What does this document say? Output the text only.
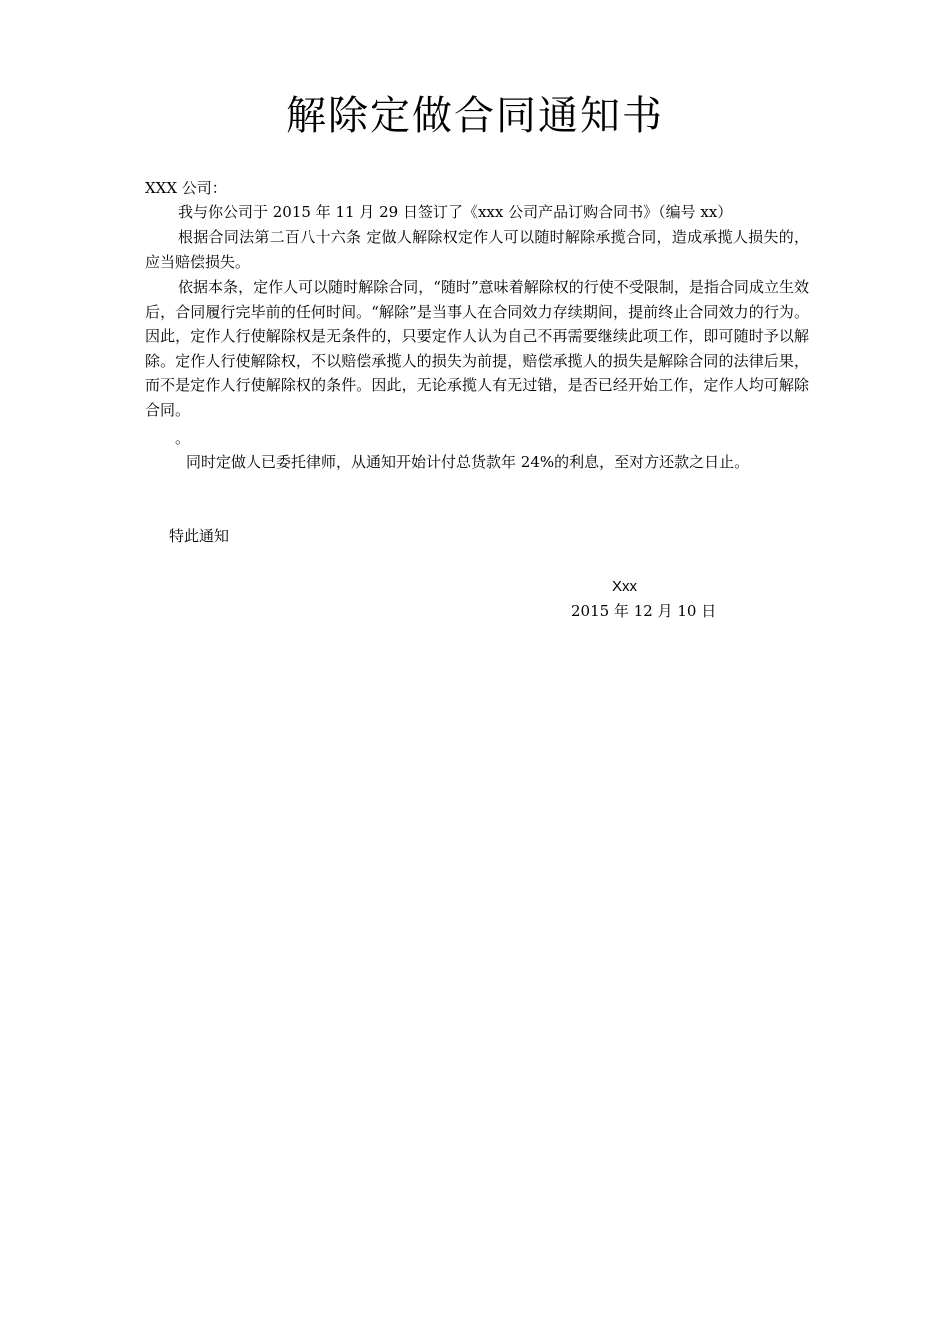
解除定做合同通知书
XXX 公司：
我与你公司于 2015 年 11 月 29 日签订了《xxx 公司产品订购合同书》（编号 xx）
根据合同法第二百八十六条 定做人解除权定作人可以随时解除承揽合同，造成承揽人损失的，应当赔偿损失。
依据本条，定作人可以随时解除合同，“随时”意味着解除权的行使不受限制，是指合同成立生效后，合同履行完毕前的任何时间。“解除”是当事人在合同效力存续期间，提前终止合同效力的行为。因此，定作人行使解除权是无条件的，只要定作人认为自己不再需要继续此项工作，即可随时予以解除。定作人行使解除权，不以赔偿承揽人的损失为前提，赔偿承揽人的损失是解除合同的法律后果，而不是定作人行使解除权的条件。因此，无论承揽人有无过错，是否已经开始工作，定作人均可解除合同。
。
同时定做人已委托律师，从通知开始计付总货款年 24%的利息，至对方还款之日止。
特此通知
Xxx
2015 年 12 月 10 日
